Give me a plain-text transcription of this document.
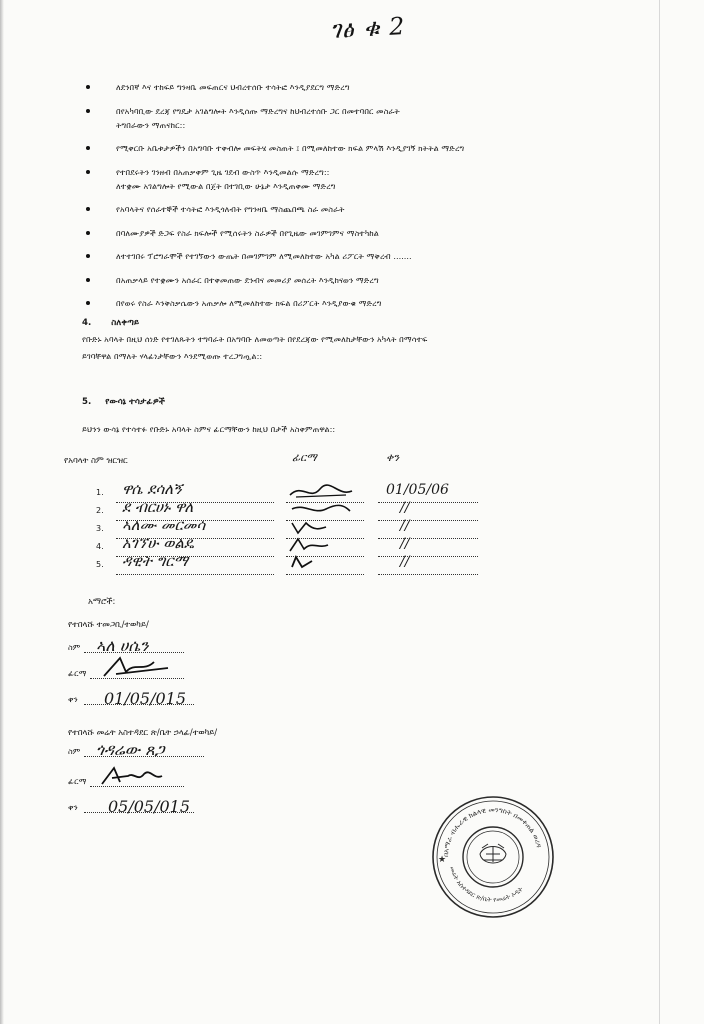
ገፅ ቁ 2
ለደንበኛ እና ተከፍይ ግንዛቤ መፍጠርና ህብረተሰቡ ተሳትፎ እንዲያደርግ ማድረግ
በየአካባቢው ደረጃ የግዴታ አገልግሎት እንዲሰጡ ማድረግና ከህብረተሰቡ ጋር በመተባበር መስራት
ትግበራውን ማጠናከር::
የሚቀርቡ አቤቱታዎችን በአግባቡ ተቀብሎ መፍትሄ መስጠት ፤ በሚመለከተው ክፍል ምላሽ እንዲያገኝ ክትትል ማድረግ
የተበደሩትን ገንዘብ በአጠቃቀም ጊዜ ገደብ ውስጥ እንዲመልሱ ማድረግ::
ለተቋሙ አገልግሎት የሚውል በጀት በተገቢው ሁኔታ እንዲጠቀሙ ማድረግ
የአባላትና የሰራተኞች ተሳትፎ እንዲጎለብት የግንዛቤ ማስጨበጫ ስራ መስራት
በባለሙያዎች ድጋፍ የስራ ክፍሎች የሚሰሩትን ስራዎች በየጊዜው መገምገምና ማስተካከል
ለተተገበሩ ፕሮግራሞች የተገኘውን ውጤት በመገምገም ለሚመለከተው አካል ሪፖርት ማቅረብ .......
በአጠቃላይ የተቋሙን አሰራር በተቀመጠው ደንብና መመሪያ መሰረት እንዲከናወን ማድረግ
በየወሩ የስራ እንቅስቃሴውን አጠቃሎ ለሚመለከተው ክፍል በሪፖርት እንዲያውቁ ማድረግ
4. ስለቀጣይ
የቡድኑ አባላት በዚህ ሰነድ የተገለጹትን ተግባራት በአግባቡ ለመወጣት በየደረጃው የሚመለከታቸውን አካላት በማሳተፍ
ይገባቸዋል በማለት ሃላፊነታቸውን እንደሚወጡ ተረጋግጧል::
5. የውሳኔ ተሳታፊዎች
ይህንን ውሳኔ የተሳተፉ የቡድኑ አባላት ስምና ፊርማቸውን ከዚህ በታች አስቀምጠዋል::
የአባላት ስም ዝርዝር	ፊርማ	ቀን
1. ዋሴ ደሳለኝ	01/05/06
2. ደ ብርሀኑ ዋለ	//
3. ኣለሙ መርመሳ	//
4. አገኘሁ ወልዴ	//
5. ዳዊት ግርማ	//
አማሮች:
የተበላሹ ተመጋቢ/ተወካይ/
ስም ኣለ ሀሴን
ፊርማ
ቀን 01/05/015
የተበላሹ መሬት አስተዳደር ጽ/ቤት ኃላፊ/ተወካይ/
ስም ጎዳሬው ጸጋ
ፊርማ
ቀን 05/05/015
በአማራ ብሔራዊ ክልላዊ መንግስት በመቀጠል ወረዳ
መሬት አስተዳደር ጽ/ቤት የመሬት ኦዲት
★
